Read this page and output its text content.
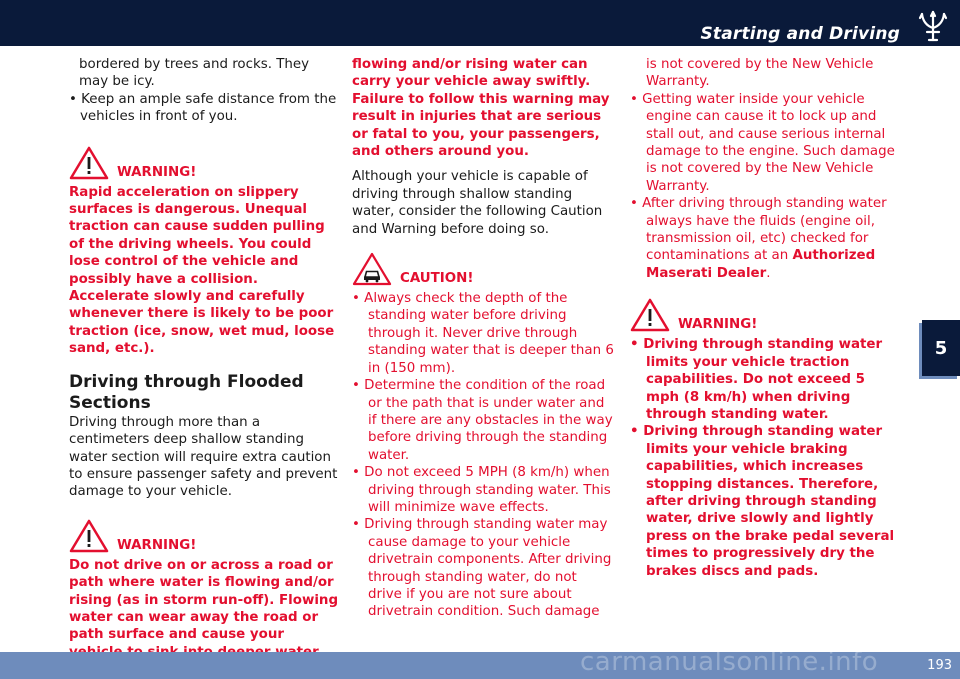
Starting and Driving
5

bordered by trees and rocks. They may be icy.

• Keep an ample safe distance from the vehicles in front of you.

WARNING!

Rapid acceleration on slippery surfaces is dangerous. Unequal traction can cause sudden pulling of the driving wheels. You could lose control of the vehicle and possibly have a collision. Accelerate slowly and carefully whenever there is likely to be poor traction (ice, snow, wet mud, loose sand, etc.).

Driving through Flooded Sections

Driving through more than a centimeters deep shallow standing water section will require extra caution to ensure passenger safety and prevent damage to your vehicle.

WARNING!

Do not drive on or across a road or path where water is flowing and/or rising (as in storm run-off). Flowing water can wear away the road or path surface and cause your

flowing and/or rising water can carry your vehicle away swiftly. Failure to follow this warning may result in injuries that are serious or fatal to you, your passengers, and others around you.

Although your vehicle is capable of driving through shallow standing water, consider the following Caution and Warning before doing so.

CAUTION!

• Always check the depth of the standing water before driving through it. Never drive through standing water that is deeper than 6 in (150 mm).

• Determine the condition of the road or the path that is under water and if there are any obstacles in the way before driving through the standing water.

• Do not exceed 5 MPH (8 km/h) when driving through standing water. This will minimize wave effects.

• Driving through standing water may cause damage to your vehicle drivetrain components. After driving through standing water, do not drive if you are not sure about drivetrain condition. Such damage

is not covered by the New Vehicle Warranty.

• Getting water inside your vehicle engine can cause it to lock up and stall out, and cause serious internal damage to the engine. Such damage is not covered by the New Vehicle Warranty.

• After driving through standing water always have the fluids (engine oil, transmission oil, etc) checked for contaminations at an Authorized Maserati Dealer.

WARNING!

• Driving through standing water limits your vehicle traction capabilities. Do not exceed 5 mph (8 km/h) when driving through standing water.

• Driving through standing water limits your vehicle braking capabilities, which increases stopping distances. Therefore, after driving through standing water, drive slowly and lightly press on the brake pedal several times to progressively dry the brakes discs and pads.

carmanualsonline.info	193
